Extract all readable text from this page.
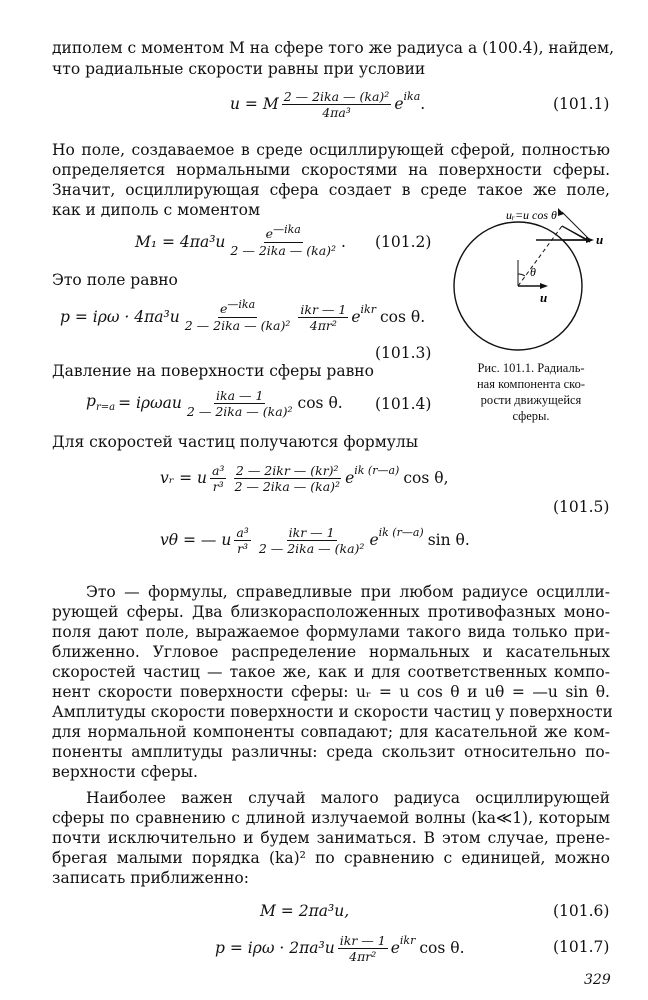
диполем с моментом M на сфере того же радиуса a (100.4), найдем,
что радиальные скорости равны при условии
u = M $\frac{\text{2 — 2ika — (ka)²}}{\text{4πa³}}$ e ika .	(101.1)
Но поле, создаваемое в среде осциллирующей сферой, полностью
определяется нормальными скоростями на поверхности сферы.
Значит, осциллирующая сфера создает в среде такое же поле,
как и диполь с моментом
$M_1 = 4\pi a^3u \frac{\text{e—ika}}{\text{2 — 2ika — (ka)²}}$ . (101.2)
Это поле равно
$p = i\rho\omega \cdot 4\pi a^3u \frac{\text{e—ika}}{\text{2 — 2ika — (ka)²}} \frac{\text{ikr — 1}}{\text{4πr²}}$ e ikr cos θ.
(101.3)
Давление на поверхности сферы равно
$p_{r=a} = i\rho\omega au \frac{\text{ika — 1}}{\text{2 — 2ika — (ka)²}}$ cos θ. (101.4)
uᵣ=u cos θ
u
u
θ
Рис. 101.1. Радиаль-
ная компонента ско-
рости движущейся
сферы.
Для скоростей частиц получаются формулы
vᵣ = u $\frac{\text{a³}}{\text{r³}} \frac{\text{2 — 2ikr — (kr)²}}{\text{2 — 2ika — (ka)²}}$ e ik (r—a) cos θ,
(101.5)
vθ = — u $\frac{\text{a³}}{\text{r³}} \frac{\text{ikr — 1}}{\text{2 — 2ika — (ka)²}}$ e ik (r—a) sin θ.
Это — формулы, справедливые при любом радиусе осцилли-
рующей сферы. Два близкорасположенных противофазных моно-
поля дают поле, выражаемое формулами такого вида только при-
ближенно. Угловое распределение нормальных и касательных
скоростей частиц — такое же, как и для соответственных компо-
нент скорости поверхности сферы: uᵣ = u cos θ и uθ = —u sin θ.
Амплитуды скорости поверхности и скорости частиц у поверхности
для нормальной компоненты совпадают; для касательной же ком-
поненты амплитуды различны: среда скользит относительно по-
верхности сферы.
Наиболее важен случай малого радиуса осциллирующей
сферы по сравнению с длиной излучаемой волны (ka≪1), которым
почти исключительно и будем заниматься. В этом случае, прене-
брегая малыми порядка (ka)² по сравнению с единицей, можно
записать приближенно:
M = 2πa³u,	(101.6)
$p = i\rho\omega \cdot 2\pi a^3u \frac{\text{ikr — 1}}{\text{4πr²}}$ e ikr cos θ.	(101.7)
329
